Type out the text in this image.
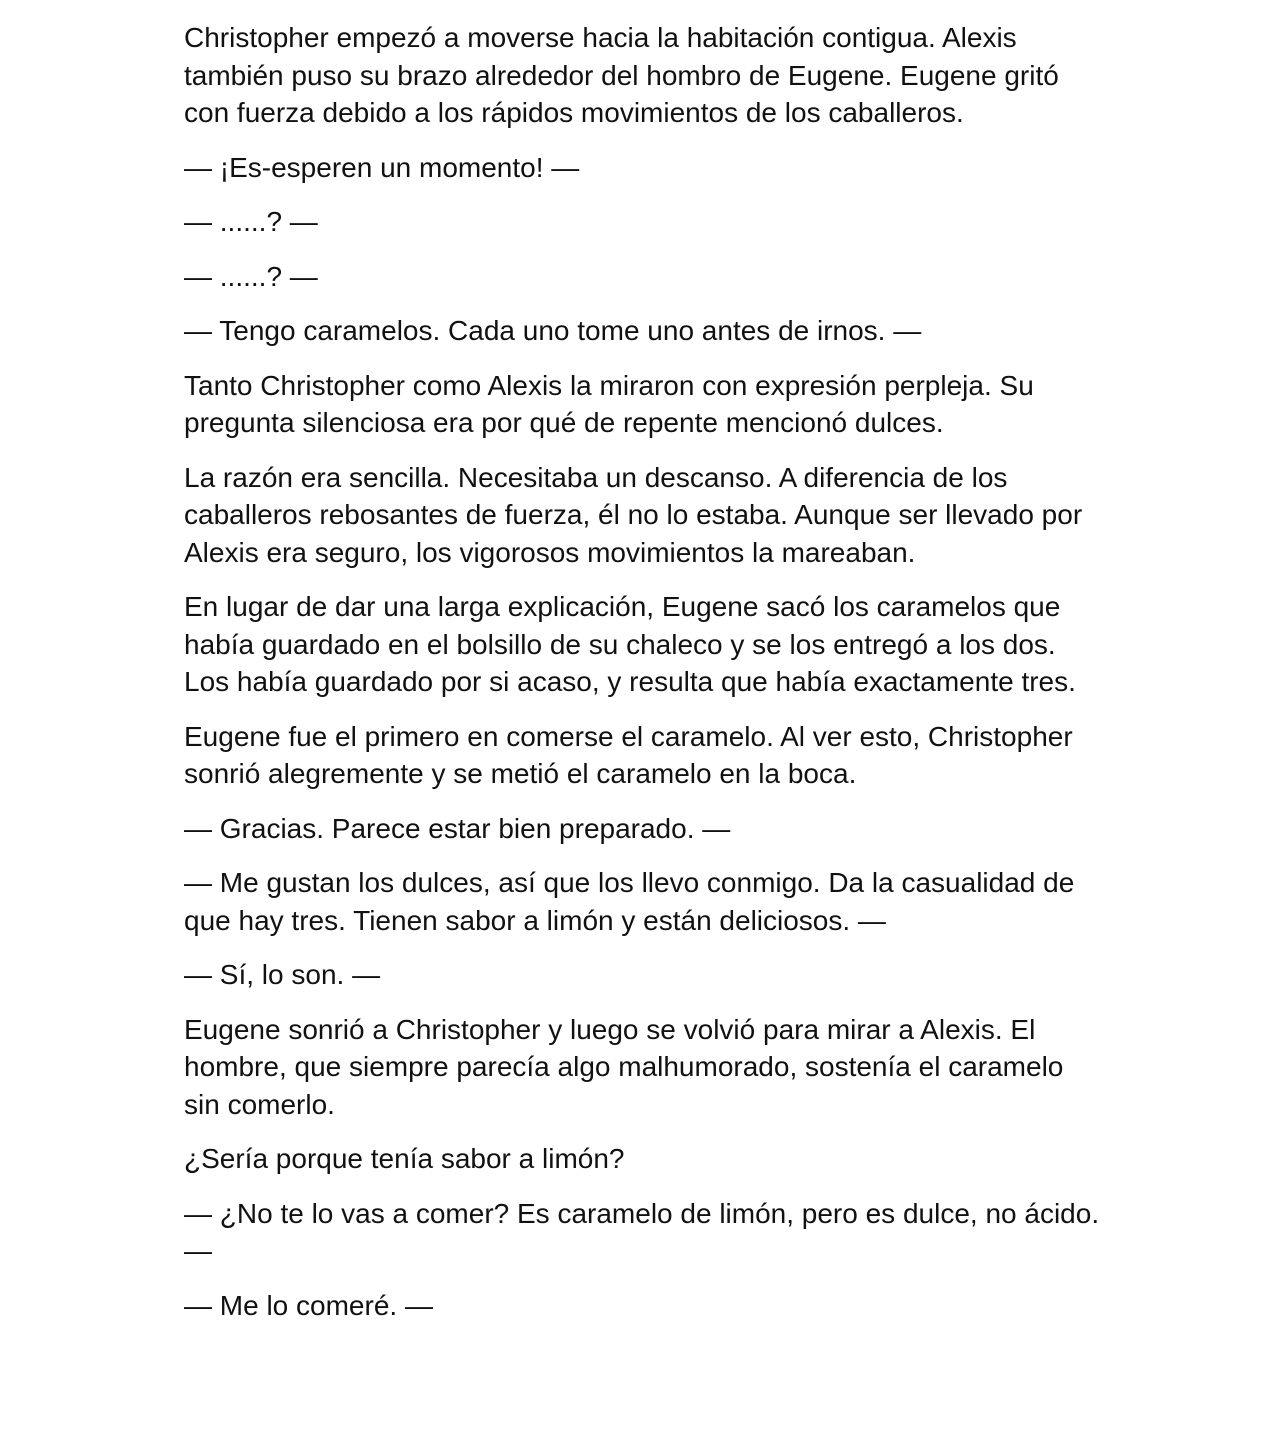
Christopher empezó a moverse hacia la habitación contigua. Alexis también puso su brazo alrededor del hombro de Eugene. Eugene gritó con fuerza debido a los rápidos movimientos de los caballeros.

— ¡Es-esperen un momento! —

— ......? —

— ......? —

— Tengo caramelos. Cada uno tome uno antes de irnos. —

Tanto Christopher como Alexis la miraron con expresión perpleja. Su pregunta silenciosa era por qué de repente mencionó dulces.

La razón era sencilla. Necesitaba un descanso. A diferencia de los caballeros rebosantes de fuerza, él no lo estaba. Aunque ser llevado por Alexis era seguro, los vigorosos movimientos la mareaban.

En lugar de dar una larga explicación, Eugene sacó los caramelos que había guardado en el bolsillo de su chaleco y se los entregó a los dos. Los había guardado por si acaso, y resulta que había exactamente tres.

Eugene fue el primero en comerse el caramelo. Al ver esto, Christopher sonrió alegremente y se metió el caramelo en la boca.

— Gracias. Parece estar bien preparado. —

— Me gustan los dulces, así que los llevo conmigo. Da la casualidad de que hay tres. Tienen sabor a limón y están deliciosos. —

— Sí, lo son. —

Eugene sonrió a Christopher y luego se volvió para mirar a Alexis. El hombre, que siempre parecía algo malhumorado, sostenía el caramelo sin comerlo.

¿Sería porque tenía sabor a limón?

— ¿No te lo vas a comer? Es caramelo de limón, pero es dulce, no ácido. —

— Me lo comeré. —
